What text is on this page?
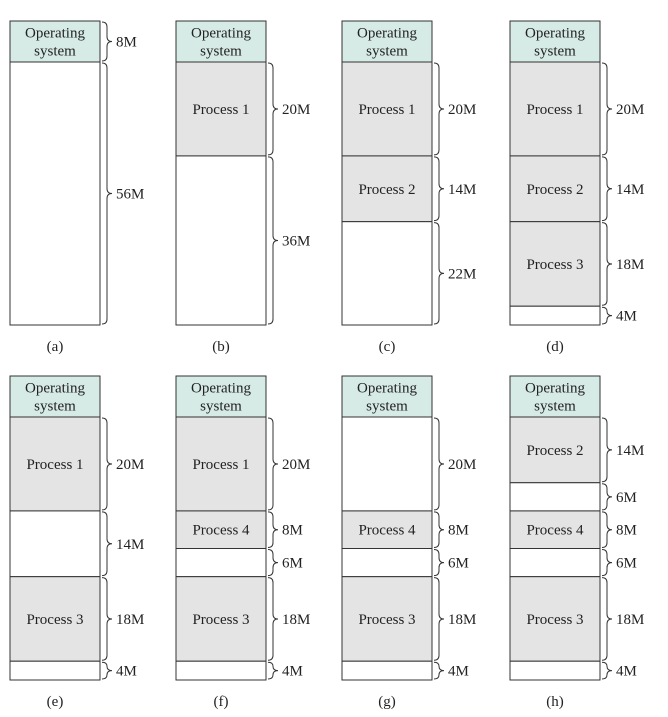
Operating
system
8M
56M
(a)
Operating
system
Process 1 20M
36M
(b)
Operating
system
Process 1 20M
Process 2 14M
22M
(c)
Operating
system
Process 1 20M
Process 2 14M
Process 3 18M
4M
(d)
Operating
system
Process 1 20M
14M
Process 3 18M
4M
(e)
Operating
system
Process 1 20M
Process 4 8M
6M
Process 3 18M
4M
(f)
Operating
system
20M
Process 4 8M
6M
Process 3 18M
4M
(g)
Operating
system
Process 2 14M
6M
Process 4 8M
6M
Process 3 18M
4M
(h)
